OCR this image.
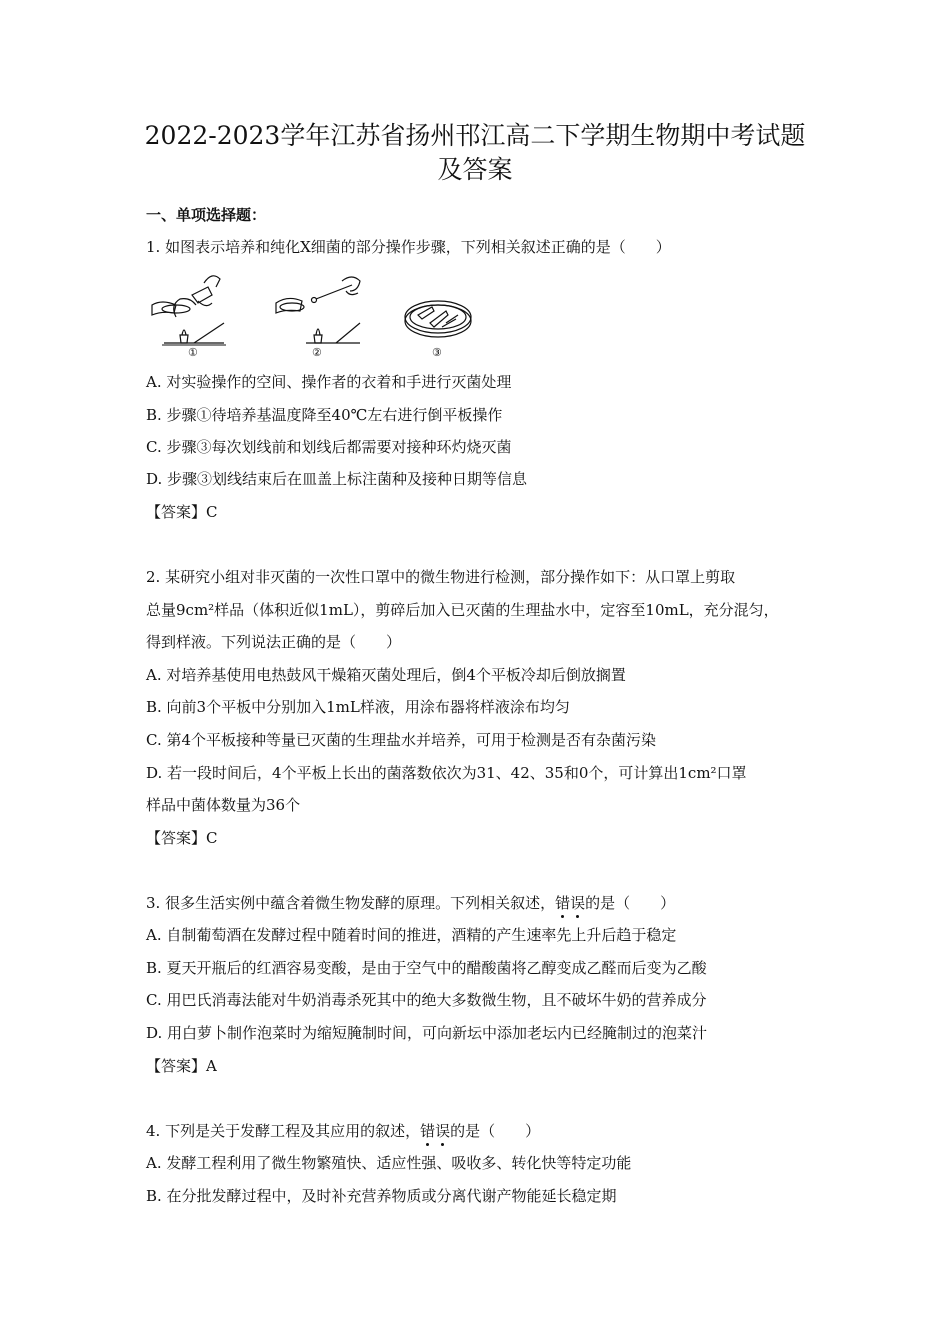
2022-2023学年江苏省扬州邗江高二下学期生物期中考试题
及答案
一、单项选择题：
1. 如图表示培养和纯化X细菌的部分操作步骤，下列相关叙述正确的是（　　）
①	②	③
A. 对实验操作的空间、操作者的衣着和手进行灭菌处理
B. 步骤①待培养基温度降至40℃左右进行倒平板操作
C. 步骤③每次划线前和划线后都需要对接种环灼烧灭菌
D. 步骤③划线结束后在皿盖上标注菌种及接种日期等信息
【答案】C
2. 某研究小组对非灭菌的一次性口罩中的微生物进行检测，部分操作如下：从口罩上剪取
总量9cm²样品（体积近似1mL），剪碎后加入已灭菌的生理盐水中，定容至10mL，充分混匀，
得到样液。下列说法正确的是（　　）
A. 对培养基使用电热鼓风干燥箱灭菌处理后，倒4个平板冷却后倒放搁置
B. 向前3个平板中分别加入1mL样液，用涂布器将样液涂布均匀
C. 第4个平板接种等量已灭菌的生理盐水并培养，可用于检测是否有杂菌污染
D. 若一段时间后，4个平板上长出的菌落数依次为31、42、35和0个，可计算出1cm²口罩
样品中菌体数量为36个
【答案】C
3. 很多生活实例中蕴含着微生物发酵的原理。下列相关叙述，错误的是（　　）
A. 自制葡萄酒在发酵过程中随着时间的推进，酒精的产生速率先上升后趋于稳定
B. 夏天开瓶后的红酒容易变酸，是由于空气中的醋酸菌将乙醇变成乙醛而后变为乙酸
C. 用巴氏消毒法能对牛奶消毒杀死其中的绝大多数微生物，且不破坏牛奶的营养成分
D. 用白萝卜制作泡菜时为缩短腌制时间，可向新坛中添加老坛内已经腌制过的泡菜汁
【答案】A
4. 下列是关于发酵工程及其应用的叙述，错误的是（　　）
A. 发酵工程利用了微生物繁殖快、适应性强、吸收多、转化快等特定功能
B. 在分批发酵过程中，及时补充营养物质或分离代谢产物能延长稳定期
